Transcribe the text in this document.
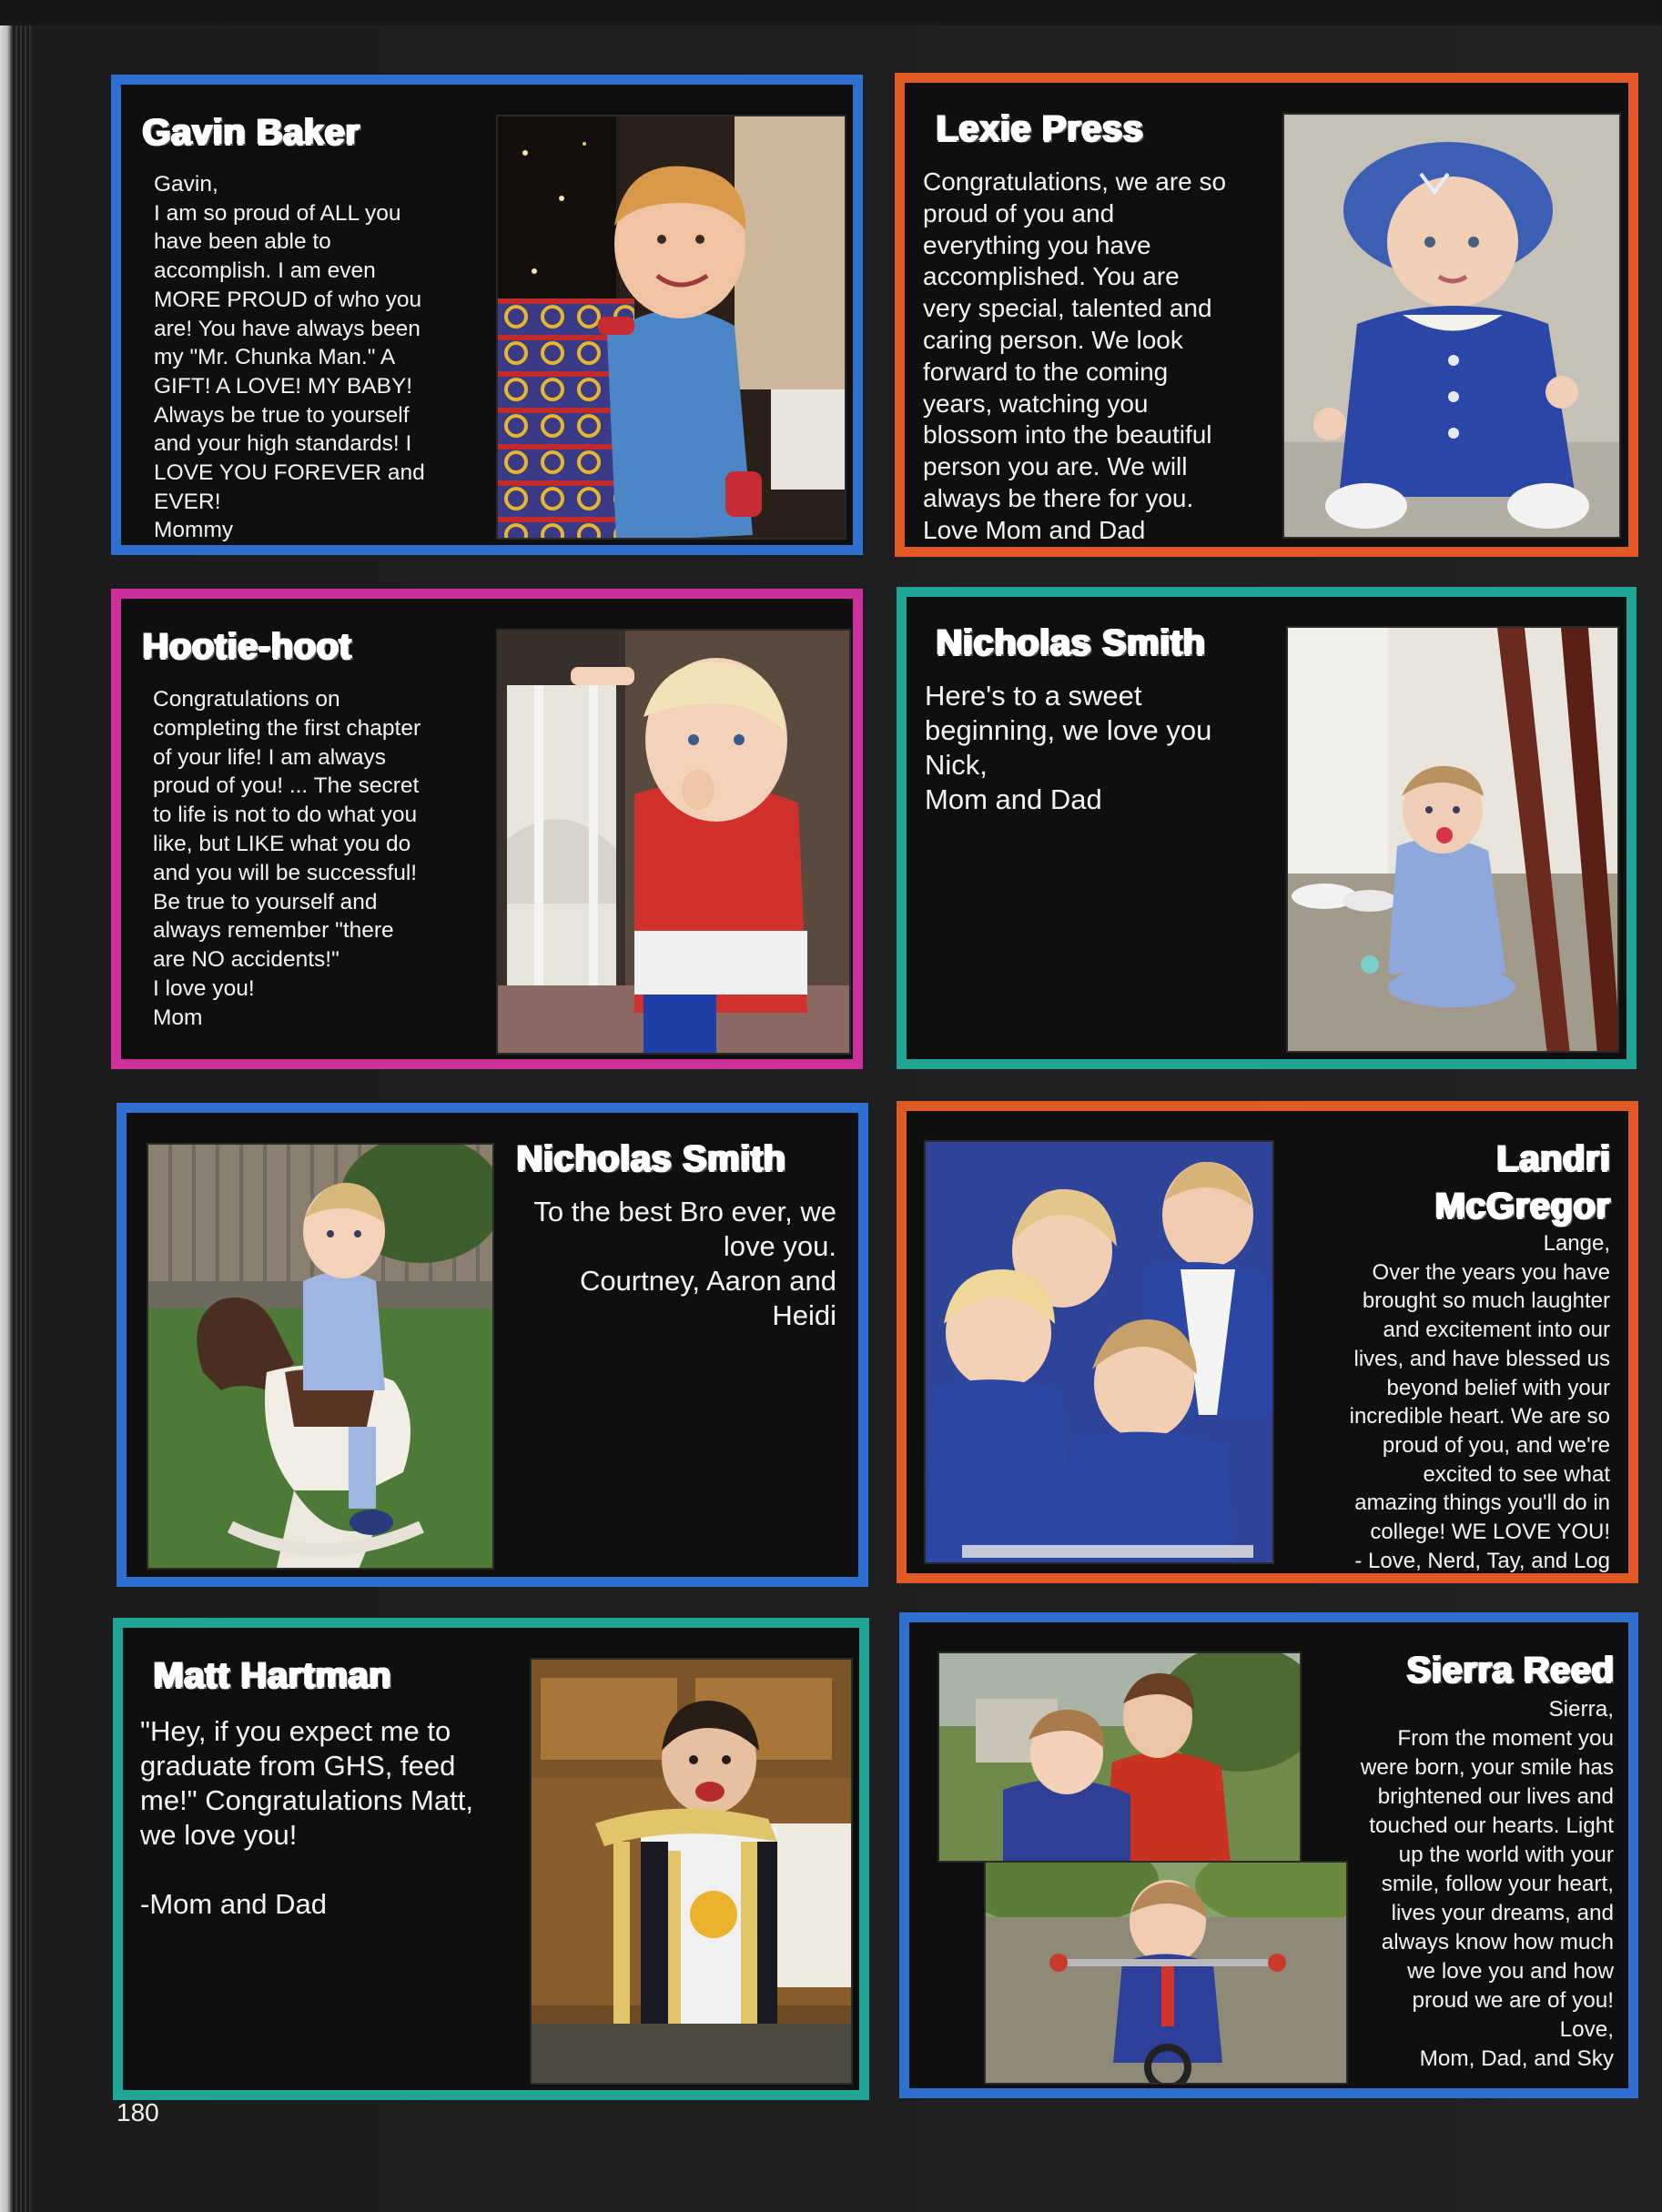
Gavin Baker
Gavin,
I am so proud of ALL you
have been able to
accomplish. I am even
MORE PROUD of who you
are! You have always been
my "Mr. Chunka Man." A
GIFT! A LOVE! MY BABY!
Always be true to yourself
and your high standards! I
LOVE YOU FOREVER and
EVER!
Mommy
Lexie Press
Congratulations, we are so
proud of you and
everything you have
accomplished. You are
very special, talented and
caring person. We look
forward to the coming
years, watching you
blossom into the beautiful
person you are. We will
always be there for you.
Love Mom and Dad
Hootie-hoot
Congratulations on
completing the first chapter
of your life! I am always
proud of you! ... The secret
to life is not to do what you
like, but LIKE what you do
and you will be successful!
Be true to yourself and
always remember "there
are NO accidents!"
I love you!
Mom
Nicholas Smith
Here's to a sweet
beginning, we love you
Nick,
Mom and Dad
Nicholas Smith
To the best Bro ever, we
love you.
Courtney, Aaron and
Heidi
Landri
McGregor
Lange,
Over the years you have
brought so much laughter
and excitement into our
lives, and have blessed us
beyond belief with your
incredible heart. We are so
proud of you, and we're
excited to see what
amazing things you'll do in
college! WE LOVE YOU!
- Love, Nerd, Tay, and Log
Matt Hartman
"Hey, if you expect me to
graduate from GHS, feed
me!" Congratulations Matt,
we love you!

-Mom and Dad
Sierra Reed
Sierra,
From the moment you
were born, your smile has
brightened our lives and
touched our hearts. Light
up the world with your
smile, follow your heart,
lives your dreams, and
always know how much
we love you and how
proud we are of you!
Love,
Mom, Dad, and Sky
180
